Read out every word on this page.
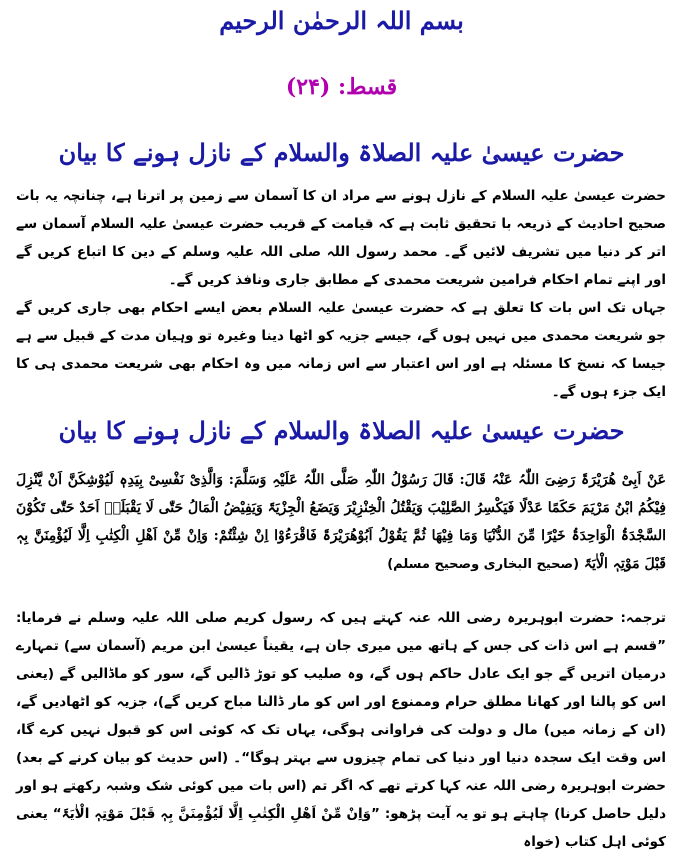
بسم اللہ الرحمٰن الرحیم
قسط: (۲۴)
حضرت عیسیٰ علیہ الصلاۃ والسلام کے نازل ہونے کا بیان
حضرت عیسیٰ علیہ السلام کے نازل ہونے سے مراد ان کا آسمان سے زمین پر اترنا ہے، چنانچہ یہ بات صحیح احادیث کے ذریعہ با تحقیق ثابت ہے کہ قیامت کے قریب حضرت عیسیٰ علیہ السلام آسمان سے اتر کر دنیا میں تشریف لائیں گے۔ محمد رسول اللہ صلی اللہ علیہ وسلم کے دین کا اتباع کریں گے اور اپنے تمام احکام فرامین شریعت محمدی کے مطابق جاری ونافذ کریں گے۔
جہاں تک اس بات کا تعلق ہے کہ حضرت عیسیٰ علیہ السلام بعض ایسے احکام بھی جاری کریں گے جو شریعت محمدی میں نہیں ہوں گے، جیسے جزیہ کو اٹھا دینا وغیرہ تو وہیان مدت کے قبیل سے ہے جیسا کہ نسخ کا مسئلہ ہے اور اس اعتبار سے اس زمانہ میں وہ احکام بھی شریعت محمدی ہی کا ایک جزء ہوں گے۔
حضرت عیسیٰ علیہ الصلاۃ والسلام کے نازل ہونے کا بیان
عَنْ اَبِیْ ھُرَیْرَۃَ رَضِیَ اللّٰہُ عَنْہُ قَالَ: قَالَ رَسُوْلُ اللّٰہِ صَلَّی اللّٰہُ عَلَیْہِ وَسَلَّمَ: وَالَّذِیْ نَفْسِیْ بِیَدِہٖ لَیُوْشِکَنَّ اَنْ یَّنْزِلَ فِیْکُمُ ابْنُ مَرْیَمَ حَکَمًا عَدْلًا فَیَکْسِرُ الصَّلِیْبَ وَیَقْتُلُ الْخِنْزِیْرَ وَیَضَعُ الْجِزْیَۃَ وَیَفِیْضُ الْمَالُ حَتّٰی لَا یَقْبَلَہٗ اَحَدٌ حَتّٰی تَکُوْنَ السَّجْدَۃُ الْوَاحِدَۃُ خَیْرًا مِّنَ الدُّنْیَا وَمَا فِیْھَا ثُمَّ یَقُوْلُ اَبُوْھُرَیْرَۃَ فَاقْرَءُوْا اِنْ شِئْتُمْ: وَاِنْ مِّنْ اَھْلِ الْکِتٰبِ اِلَّا لَیُؤْمِنَنَّ بِہٖ قَبْلَ مَوْتِہٖ الْاٰیَۃَ (صحیح البخاری وصحیح مسلم)
ترجمہ: حضرت ابوہریرہ رضی اللہ عنہ کہتے ہیں کہ رسول کریم صلی اللہ علیہ وسلم نے فرمایا: ”قسم ہے اس ذات کی جس کے ہاتھ میں میری جان ہے، یقیناً عیسیٰ ابن مریم (آسمان سے) تمہارے درمیان اتریں گے جو ایک عادل حاکم ہوں گے، وہ صلیب کو توڑ ڈالیں گے، سور کو ماڈالیں گے (یعنی اس کو پالنا اور کھانا مطلق حرام وممنوع اور اس کو مار ڈالنا مباح کریں گے)، جزیہ کو اٹھادیں گے، (ان کے زمانہ میں) مال و دولت کی فراوانی ہوگی، یہاں تک کہ کوئی اس کو قبول نہیں کرے گا، اس وقت ایک سجدہ دنیا اور دنیا کی تمام چیزوں سے بہتر ہوگا“۔ (اس حدیث کو بیان کرنے کے بعد) حضرت ابوہریرہ رضی اللہ عنہ کہا کرتے تھے کہ اگر تم (اس بات میں کوئی شک وشبہ رکھتے ہو اور دلیل حاصل کرنا) چاہتے ہو تو یہ آیت پڑھو: ”وَاِنْ مِّنْ اَھْلِ الْکِتٰبِ اِلَّا لَیُؤْمِنَنَّ بِہٖ قَبْلَ مَوْتِہٖ الْاٰیَۃَ“ یعنی کوئی اہل کتاب (خواہ
